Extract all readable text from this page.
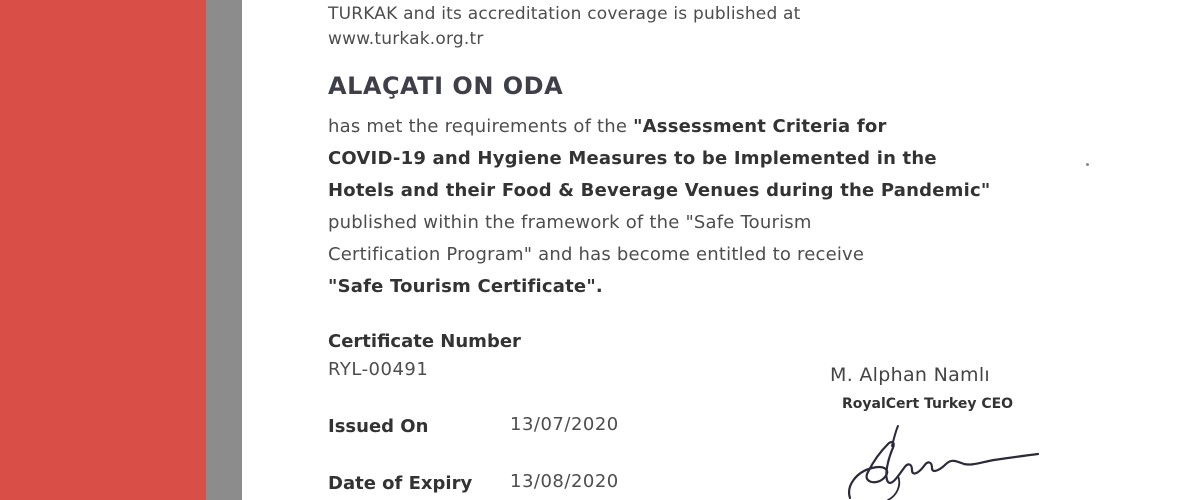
TURKAK and its accreditation coverage is published at
www.turkak.org.tr
ALAÇATI ON ODA
has met the requirements of the "Assessment Criteria for
COVID-19 and Hygiene Measures to be Implemented in the
Hotels and their Food & Beverage Venues during the Pandemic"
published within the framework of the "Safe Tourism
Certification Program" and has become entitled to receive
"Safe Tourism Certificate".
Certificate Number
RYL-00491
Issued On	13/07/2020
Date of Expiry 13/08/2020
M. Alphan Namlı
RoyalCert Turkey CEO
